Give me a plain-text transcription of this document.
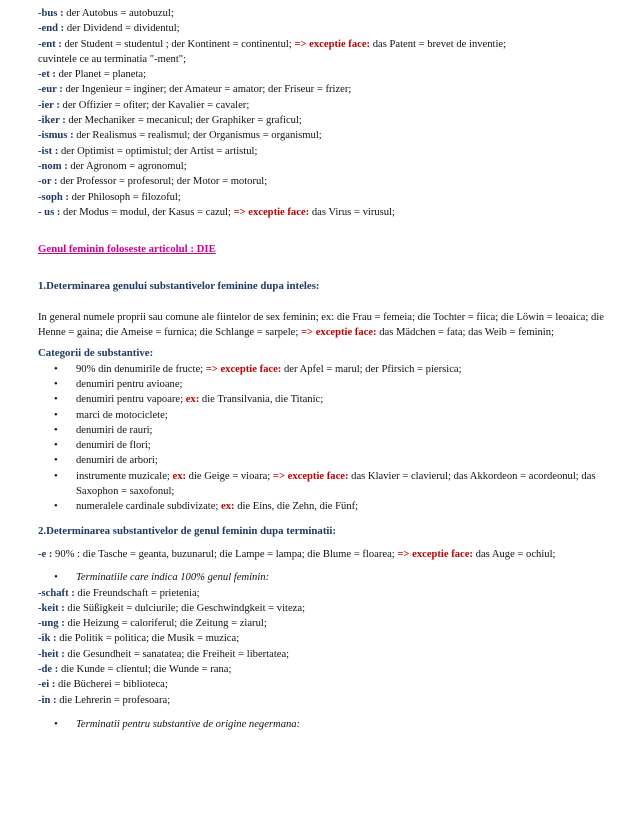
-bus : der Autobus = autobuzul;
-end : der Dividend = dividentul;
-ent : der Student = studentul ; der Kontinent = continentul; => exceptie face: das Patent = brevet de inventie;
cuvintele ce au terminatia "-ment";
-et : der Planet = planeta;
-eur : der Ingenieur = inginer; der Amateur = amator; der Friseur = frizer;
-ier : der Offizier = ofiter; der Kavalier = cavaler;
-iker : der Mechaniker = mecanicul; der Graphiker = graficul;
-ismus : der Realismus = realismul; der Organismus = organismul;
-ist : der Optimist = optimistul; der Artist = artistul;
-nom : der Agronom = agronomul;
-or : der Professor = profesorul; der Motor = motorul;
-soph : der Philosoph = filozoful;
- us : der Modus = modul, der Kasus = cazul; => exceptie face: das Virus = virusul;
Genul feminin foloseste articolul : DIE
1.Determinarea genului substantivelor feminine dupa inteles:
In general numele proprii sau comune ale fiintelor de sex feminin; ex: die Frau = femeia; die Tochter = fiica; die Löwin = leoaica; die Henne = gaina; die Ameise = furnica; die Schlange = sarpele; => exceptie face: das Mädchen = fata; das Weib = feminin;
Categorii de substantive:
• 90% din denumirile de fructe; => exceptie face: der Apfel = marul; der Pfirsich = piersica;
• denumiri pentru avioane;
• denumiri pentru vapoare; ex: die Transilvania, die Titanic;
• marci de motociclete;
• denumiri de rauri;
• denumiri de flori;
• denumiri de arbori;
• instrumente muzicale; ex: die Geige = vioara; => exceptie face: das Klavier = clavierul; das Akkordeon = acordeonul; das Saxophon = saxofonul;
• numeralele cardinale subdivizate; ex: die Eins, die Zehn, die Fünf;
2.Determinarea substantivelor de genul feminin dupa terminatii:
-e : 90% : die Tasche = geanta, buzunarul; die Lampe = lampa; die Blume = floarea; => exceptie face: das Auge = ochiul;
• Terminatiile care indica 100% genul feminin:
-schaft : die Freundschaft = prietenia;
-keit : die Süßigkeit = dulciurile; die Geschwindgkeit = viteza;
-ung : die Heizung = caloriferul; die Zeitung = ziarul;
-ik : die Politik = politica; die Musik = muzica;
-heit : die Gesundheit = sanatatea; die Freiheit = libertatea;
-de : die Kunde = clientul; die Wunde = rana;
-ei : die Bücherei = biblioteca;
-in : die Lehrerin = profesoara;
• Terminatii pentru substantive de origine negermana:
